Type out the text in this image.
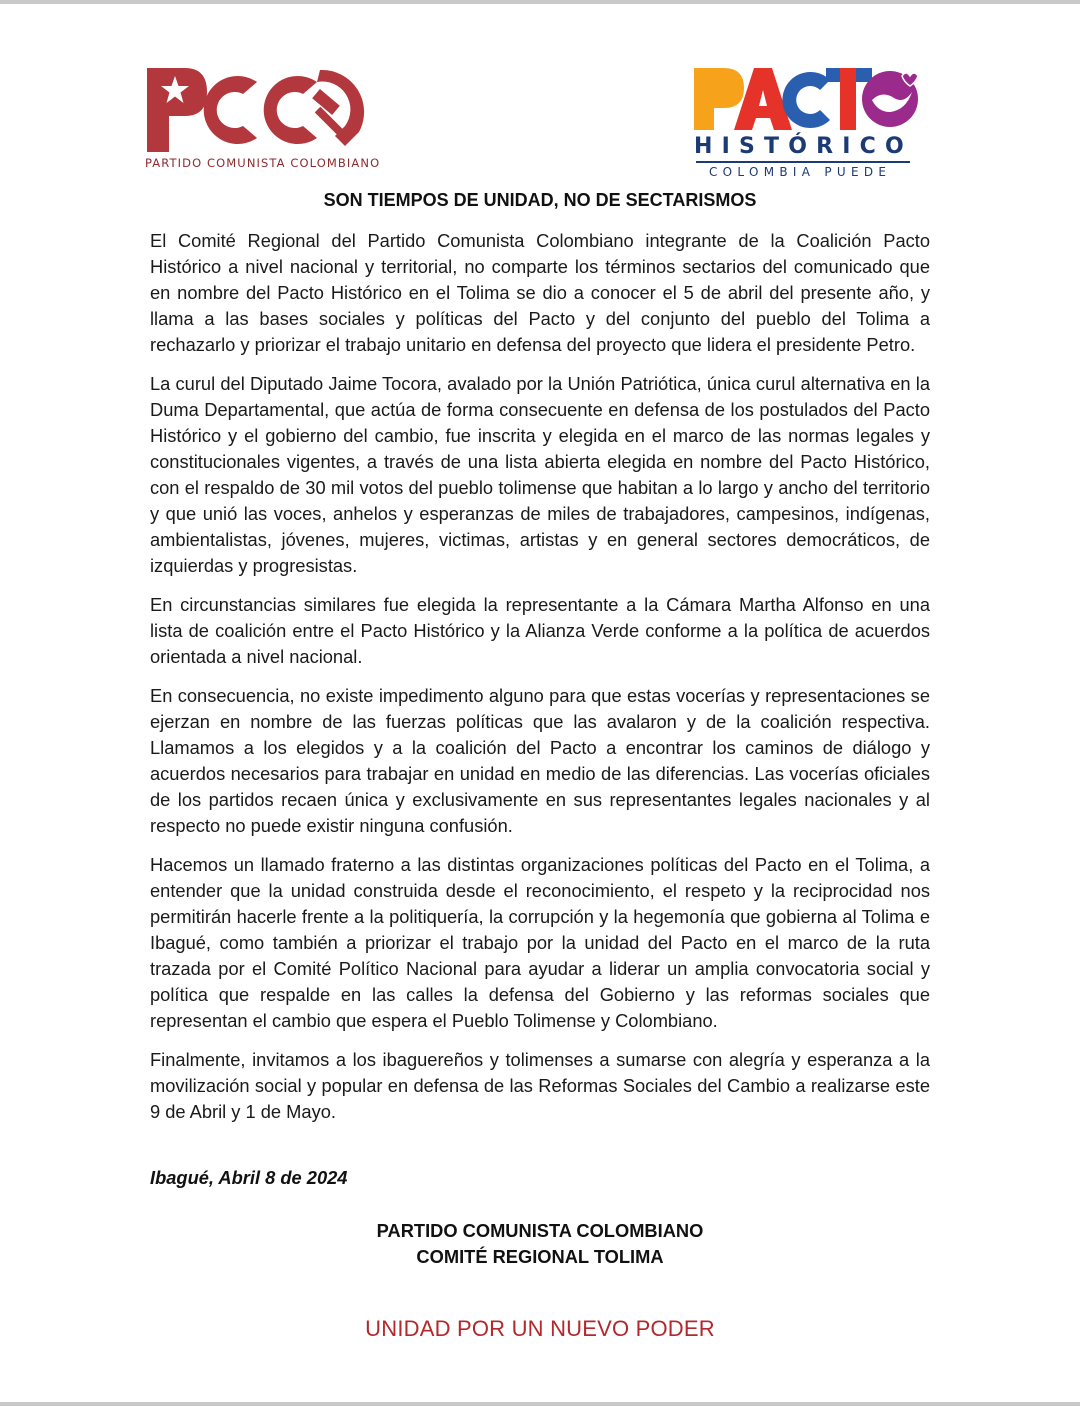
PARTIDO COMUNISTA COLOMBIANO
HISTÓRICO
COLOMBIA PUEDE
SON TIEMPOS DE UNIDAD, NO DE SECTARISMOS

El Comité Regional del Partido Comunista Colombiano integrante de la Coalición Pacto Histórico a nivel nacional y territorial, no comparte los términos sectarios del comunicado que en nombre del Pacto Histórico en el Tolima se dio a conocer el 5 de abril del presente año, y llama a las bases sociales y políticas del Pacto y del conjunto del pueblo del Tolima a rechazarlo y priorizar el trabajo unitario en defensa del proyecto que lidera el presidente Petro.

La curul del Diputado Jaime Tocora, avalado por la Unión Patriótica, única curul alternativa en la Duma Departamental, que actúa de forma consecuente en defensa de los postulados del Pacto Histórico y el gobierno del cambio, fue inscrita y elegida en el marco de las normas legales y constitucionales vigentes, a través de una lista abierta elegida en nombre del Pacto Histórico, con el respaldo de 30 mil votos del pueblo tolimense que habitan a lo largo y ancho del territorio y que unió las voces, anhelos y esperanzas de miles de trabajadores, campesinos, indígenas, ambientalistas, jóvenes, mujeres, victimas, artistas y en general sectores democráticos, de izquierdas y progresistas.

En circunstancias similares fue elegida la representante a la Cámara Martha Alfonso en una lista de coalición entre el Pacto Histórico y la Alianza Verde conforme a la política de acuerdos orientada a nivel nacional.

En consecuencia, no existe impedimento alguno para que estas vocerías y representaciones se ejerzan en nombre de las fuerzas políticas que las avalaron y de la coalición respectiva. Llamamos a los elegidos y a la coalición del Pacto a encontrar los caminos de diálogo y acuerdos necesarios para trabajar en unidad en medio de las diferencias. Las vocerías oficiales de los partidos recaen única y exclusivamente en sus representantes legales nacionales y al respecto no puede existir ninguna confusión.

Hacemos un llamado fraterno a las distintas organizaciones políticas del Pacto en el Tolima, a entender que la unidad construida desde el reconocimiento, el respeto y la reciprocidad nos permitirán hacerle frente a la politiquería, la corrupción y la hegemonía que gobierna al Tolima e Ibagué, como también a priorizar el trabajo por la unidad del Pacto en el marco de la ruta trazada por el Comité Político Nacional para ayudar a liderar un amplia convocatoria social y política que respalde en las calles la defensa del Gobierno y las reformas sociales que representan el cambio que espera el Pueblo Tolimense y Colombiano.

Finalmente, invitamos a los ibaguereños y tolimenses a sumarse con alegría y esperanza a la movilización social y popular en defensa de las Reformas Sociales del Cambio a realizarse este 9 de Abril y 1 de Mayo.

Ibagué, Abril 8 de 2024
PARTIDO COMUNISTA COLOMBIANO
COMITÉ REGIONAL TOLIMA
UNIDAD POR UN NUEVO PODER
